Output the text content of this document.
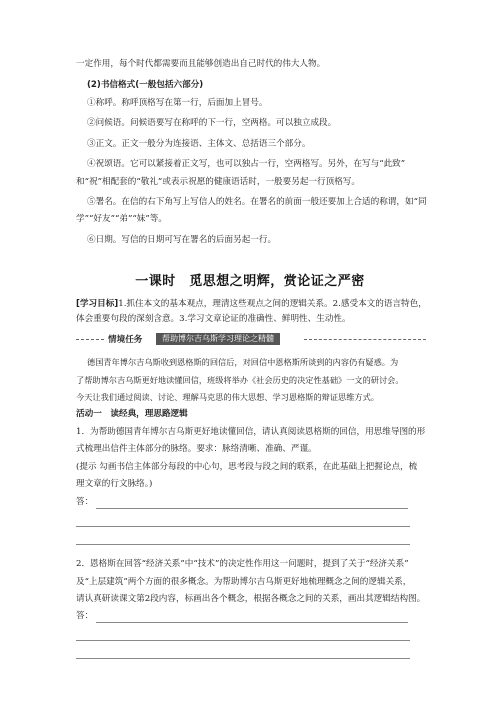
一定作用，每个时代都需要而且能够创造出自己时代的伟大人物。
(2)书信格式(一般包括六部分)
①称呼。称呼顶格写在第一行，后面加上冒号。
②问候语。问候语要写在称呼的下一行，空两格。可以独立成段。
③正文。正文一般分为连接语、主体文、总括语三个部分。
④祝颂语。它可以紧接着正文写，也可以独占一行，空两格写。另外，在写与“此致”
和“祝”相配套的“敬礼”或表示祝愿的健康语话时，一般要另起一行顶格写。
⑤署名。在信的右下角写上写信人的姓名。在署名的前面一般还要加上合适的称谓，如“同
学”“好友”“弟”“妹”等。
⑥日期。写信的日期可写在署名的后面另起一行。
一课时　觅思想之明辉，赏论证之严密
[学习目标]1.抓住本文的基本观点，理清这些观点之间的逻辑关系。2.感受本文的语言特色，
体会重要句段的深刻含意。3.学习文章论证的准确性、鲜明性、生动性。
情境任务	帮助博尔吉乌斯学习理论之精髓
德国青年博尔吉乌斯收到恩格斯的回信后，对回信中恩格斯所谈到的内容仍有疑惑。为
了帮助博尔吉乌斯更好地读懂回信，班级将举办《社会历史的决定性基础》一文的研讨会。
今天让我们通过阅读、讨论、理解马克思的伟大思想、学习恩格斯的辩证思维方式。
活动一　读经典，理思路逻辑
1．为帮助德国青年博尔吉乌斯更好地读懂回信，请认真阅读恩格斯的回信，用思维导图的形
式梳理出信件主体部分的脉络。要求：脉络清晰、准确、严谨。
(提示 勾画书信主体部分每段的中心句，思考段与段之间的联系，在此基础上把握论点，梳
理文章的行文脉络。)
答：
2．恩格斯在回答“经济关系”中“技术”的决定性作用这一问题时，提到了关于“经济关系”
及“上层建筑”两个方面的很多概念。为帮助博尔吉乌斯更好地梳理概念之间的逻辑关系，
请认真研读课文第2段内容，标画出各个概念，根据各概念之间的关系，画出其逻辑结构图。
答：
